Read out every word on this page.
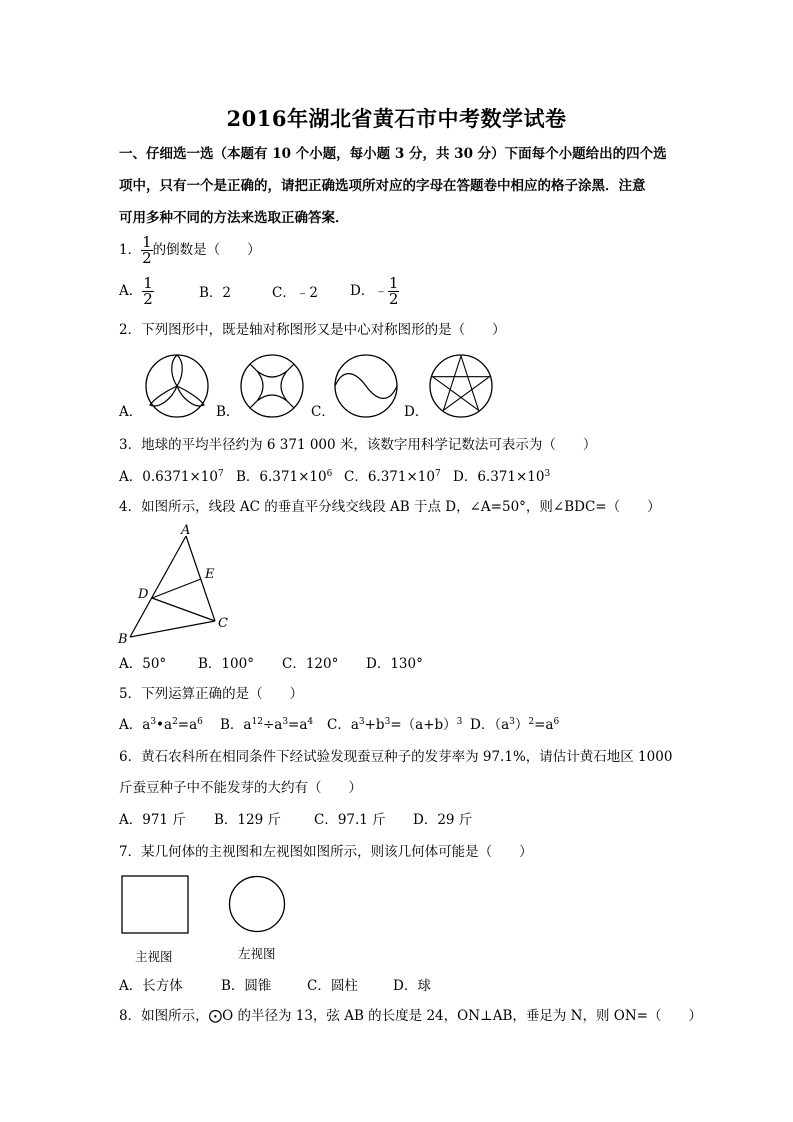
2016年湖北省黄石市中考数学试卷
一、仔细选一选（本题有 10 个小题，每小题 3 分，共 30 分）下面每个小题给出的四个选
项中，只有一个是正确的，请把正确选项所对应的字母在答题卷中相应的格子涂黑．注意
可用多种不同的方法来选取正确答案．
1． $\frac{1}{2}$ 的倒数是（　　）
A． $\frac{1}{2}$	B．2	C．﹣2 D．﹣ $\frac{1}{2}$
2．下列图形中，既是轴对称图形又是中心对称图形的是（　　）
A．	B．	C．	D．
3．地球的平均半径约为 6 371 000 米，该数字用科学记数法可表示为（　　）
A．$0.6371\times 10^7$ B．$6.371\times 10^6$ C．$6.371\times 10^7$ D．$6.371\times 10^3$
4．如图所示，线段 AC 的垂直平分线交线段 AB 于点 D，∠A=50°，则∠BDC=（　　）
A
B
C
D
E
A．50° B．100° C．120° D．130°
5．下列运算正确的是（　　）
A．$a^3•a^2=a^6$ B．$a^{12}\div a^3=a^4$ C．$a^3+b^3=(a+b)^3$ D．$(a^3)^2=a^6$
6．黄石农科所在相同条件下经试验发现蚕豆种子的发芽率为 97.1%，请估计黄石地区 1000
斤蚕豆种子中不能发芽的大约有（　　）
A．971 斤 B．129 斤 C．97.1 斤 D．29 斤
7．某几何体的主视图和左视图如图所示，则该几何体可能是（　　）
主视图	左视图
A．长方体	B．圆锥	C．圆柱	D．球
8．如图所示，⨀O 的半径为 13，弦 AB 的长度是 24，ON⊥AB，垂足为 N，则 ON=（　　）
